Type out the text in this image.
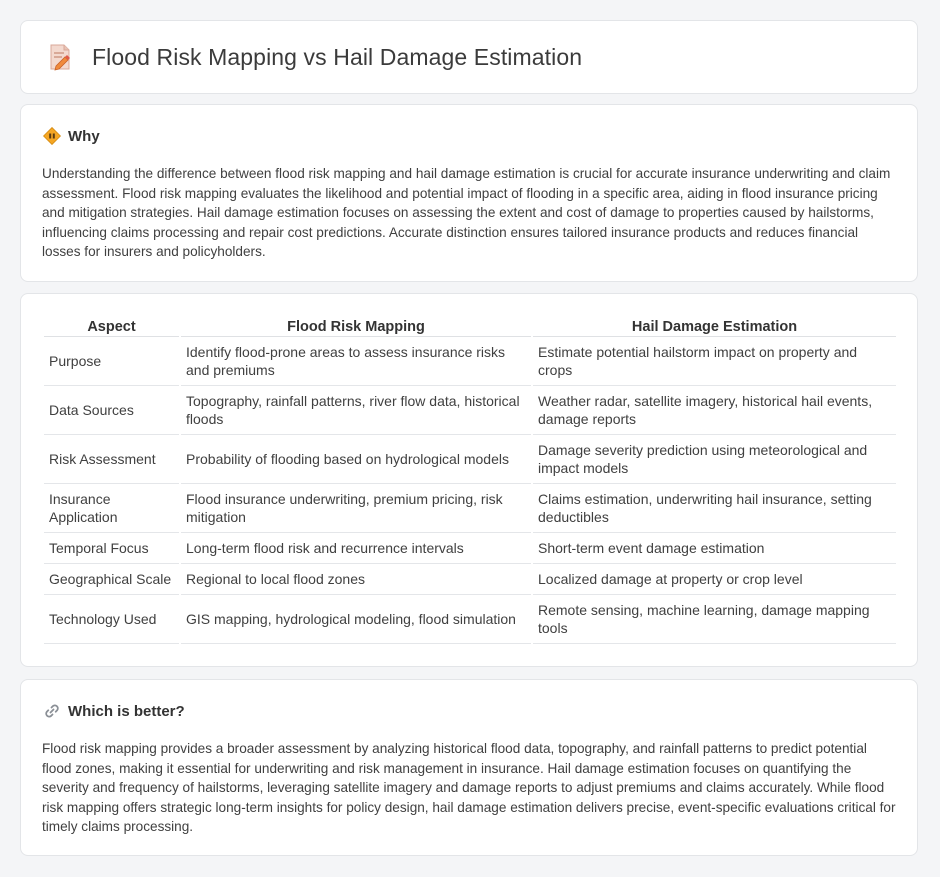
Flood Risk Mapping vs Hail Damage Estimation
Why
Understanding the difference between flood risk mapping and hail damage estimation is crucial for accurate insurance underwriting and claim assessment. Flood risk mapping evaluates the likelihood and potential impact of flooding in a specific area, aiding in flood insurance pricing and mitigation strategies. Hail damage estimation focuses on assessing the extent and cost of damage to properties caused by hailstorms, influencing claims processing and repair cost predictions. Accurate distinction ensures tailored insurance products and reduces financial losses for insurers and policyholders.
Aspect	Flood Risk Mapping	Hail Damage Estimation
Purpose	Identify flood-prone areas to assess insurance risks and premiums	Estimate potential hailstorm impact on property and crops
Data Sources	Topography, rainfall patterns, river flow data, historical floods	Weather radar, satellite imagery, historical hail events, damage reports
Risk Assessment	Probability of flooding based on hydrological models	Damage severity prediction using meteorological and impact models
Insurance Application	Flood insurance underwriting, premium pricing, risk mitigation	Claims estimation, underwriting hail insurance, setting deductibles
Temporal Focus	Long-term flood risk and recurrence intervals	Short-term event damage estimation
Geographical Scale	Regional to local flood zones	Localized damage at property or crop level
Technology Used	GIS mapping, hydrological modeling, flood simulation	Remote sensing, machine learning, damage mapping tools
Which is better?
Flood risk mapping provides a broader assessment by analyzing historical flood data, topography, and rainfall patterns to predict potential flood zones, making it essential for underwriting and risk management in insurance. Hail damage estimation focuses on quantifying the severity and frequency of hailstorms, leveraging satellite imagery and damage reports to adjust premiums and claims accurately. While flood risk mapping offers strategic long-term insights for policy design, hail damage estimation delivers precise, event-specific evaluations critical for timely claims processing.
